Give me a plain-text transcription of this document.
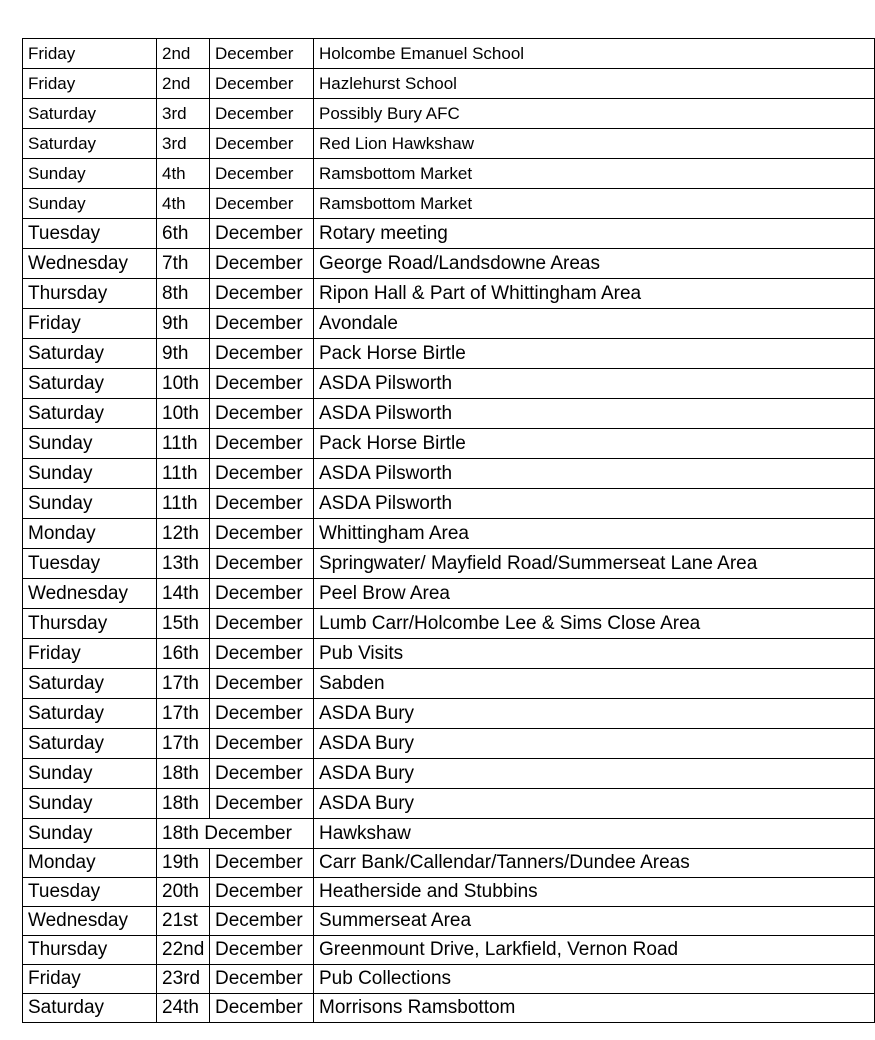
Friday	2nd	December	Holcombe Emanuel School
Friday	2nd	December	Hazlehurst School
Saturday	3rd	December	Possibly Bury AFC
Saturday	3rd	December	Red Lion Hawkshaw
Sunday	4th	December	Ramsbottom Market
Sunday	4th	December	Ramsbottom Market
Tuesday	6th	December	Rotary meeting
Wednesday	7th	December	George Road/Landsdowne Areas
Thursday	8th	December	Ripon Hall & Part of Whittingham Area
Friday	9th	December	Avondale
Saturday	9th	December	Pack Horse Birtle
Saturday	10th	December	ASDA Pilsworth
Saturday	10th	December	ASDA Pilsworth
Sunday	11th	December	Pack Horse Birtle
Sunday	11th	December	ASDA Pilsworth
Sunday	11th	December	ASDA Pilsworth
Monday	12th	December	Whittingham Area
Tuesday	13th	December	Springwater/ Mayfield Road/Summerseat Lane Area
Wednesday	14th	December	Peel Brow Area
Thursday	15th	December	Lumb Carr/Holcombe Lee & Sims Close Area
Friday	16th	December	Pub Visits
Saturday	17th	December	Sabden
Saturday	17th	December	ASDA Bury
Saturday	17th	December	ASDA Bury
Sunday	18th	December	ASDA Bury
Sunday	18th	December	ASDA Bury
Sunday	18th December		Hawkshaw
Monday	19th	December	Carr Bank/Callendar/Tanners/Dundee Areas
Tuesday	20th	December	Heatherside and Stubbins
Wednesday	21st	December	Summerseat Area
Thursday	22nd	December	Greenmount Drive, Larkfield, Vernon Road
Friday	23rd	December	Pub Collections
Saturday	24th	December	Morrisons Ramsbottom
